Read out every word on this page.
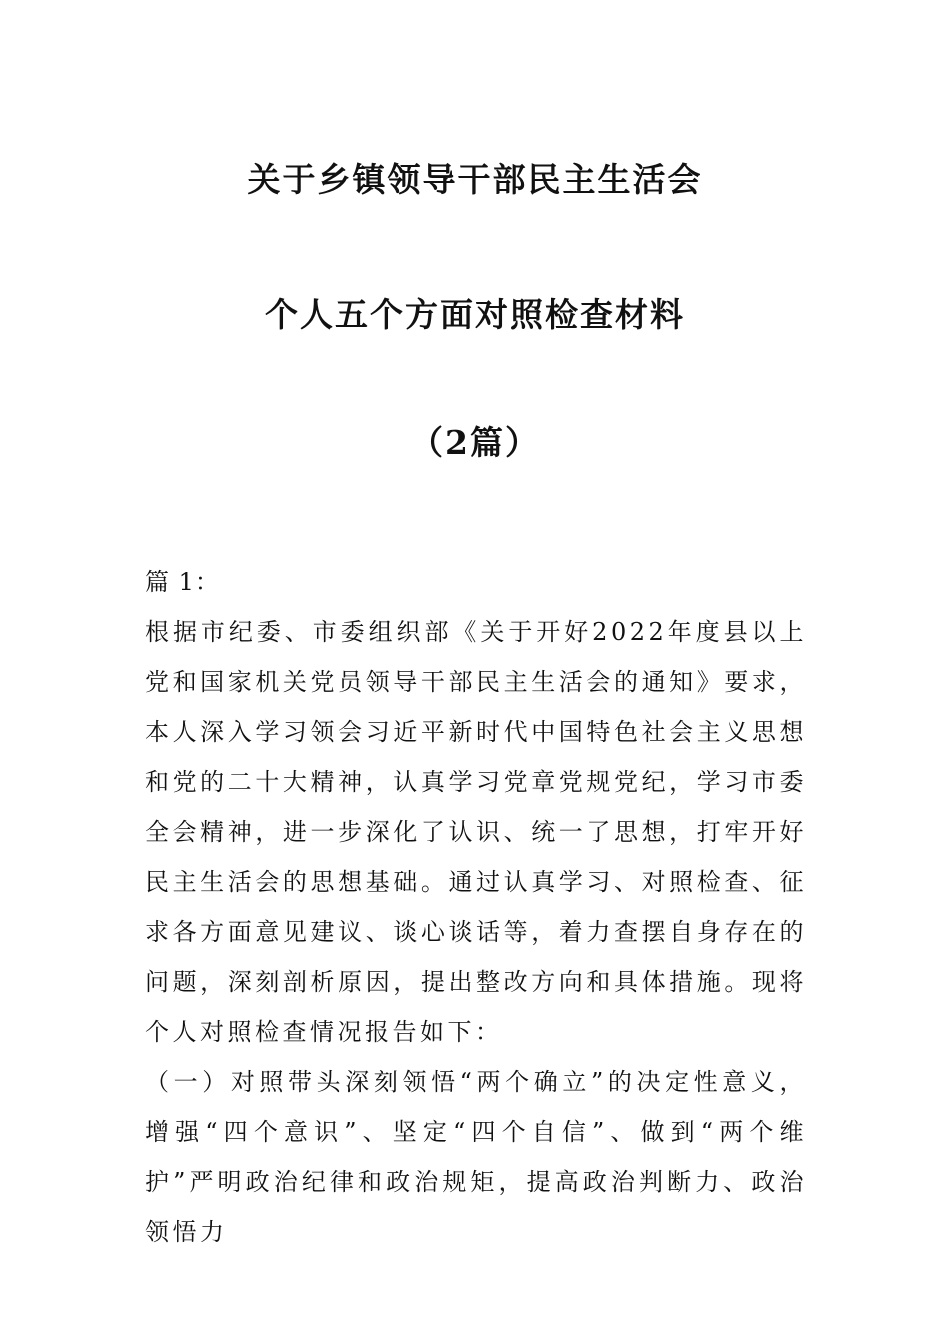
关于乡镇领导干部民主生活会
个人五个方面对照检查材料
（2篇）
篇 1：
根据市纪委、市委组织部《关于开好2022年度县以上党和国家机关党员领导干部民主生活会的通知》要求，本人深入学习领会习近平新时代中国特色社会主义思想和党的二十大精神，认真学习党章党规党纪，学习市委全会精神，进一步深化了认识、统一了思想，打牢开好民主生活会的思想基础。通过认真学习、对照检查、征求各方面意见建议、谈心谈话等，着力查摆自身存在的问题，深刻剖析原因，提出整改方向和具体措施。现将个人对照检查情况报告如下：
（一）对照带头深刻领悟“两个确立”的决定性意义，增强“四个意识”、坚定“四个自信”、做到“两个维护”严明政治纪律和政治规矩，提高政治判断力、政治领悟力
